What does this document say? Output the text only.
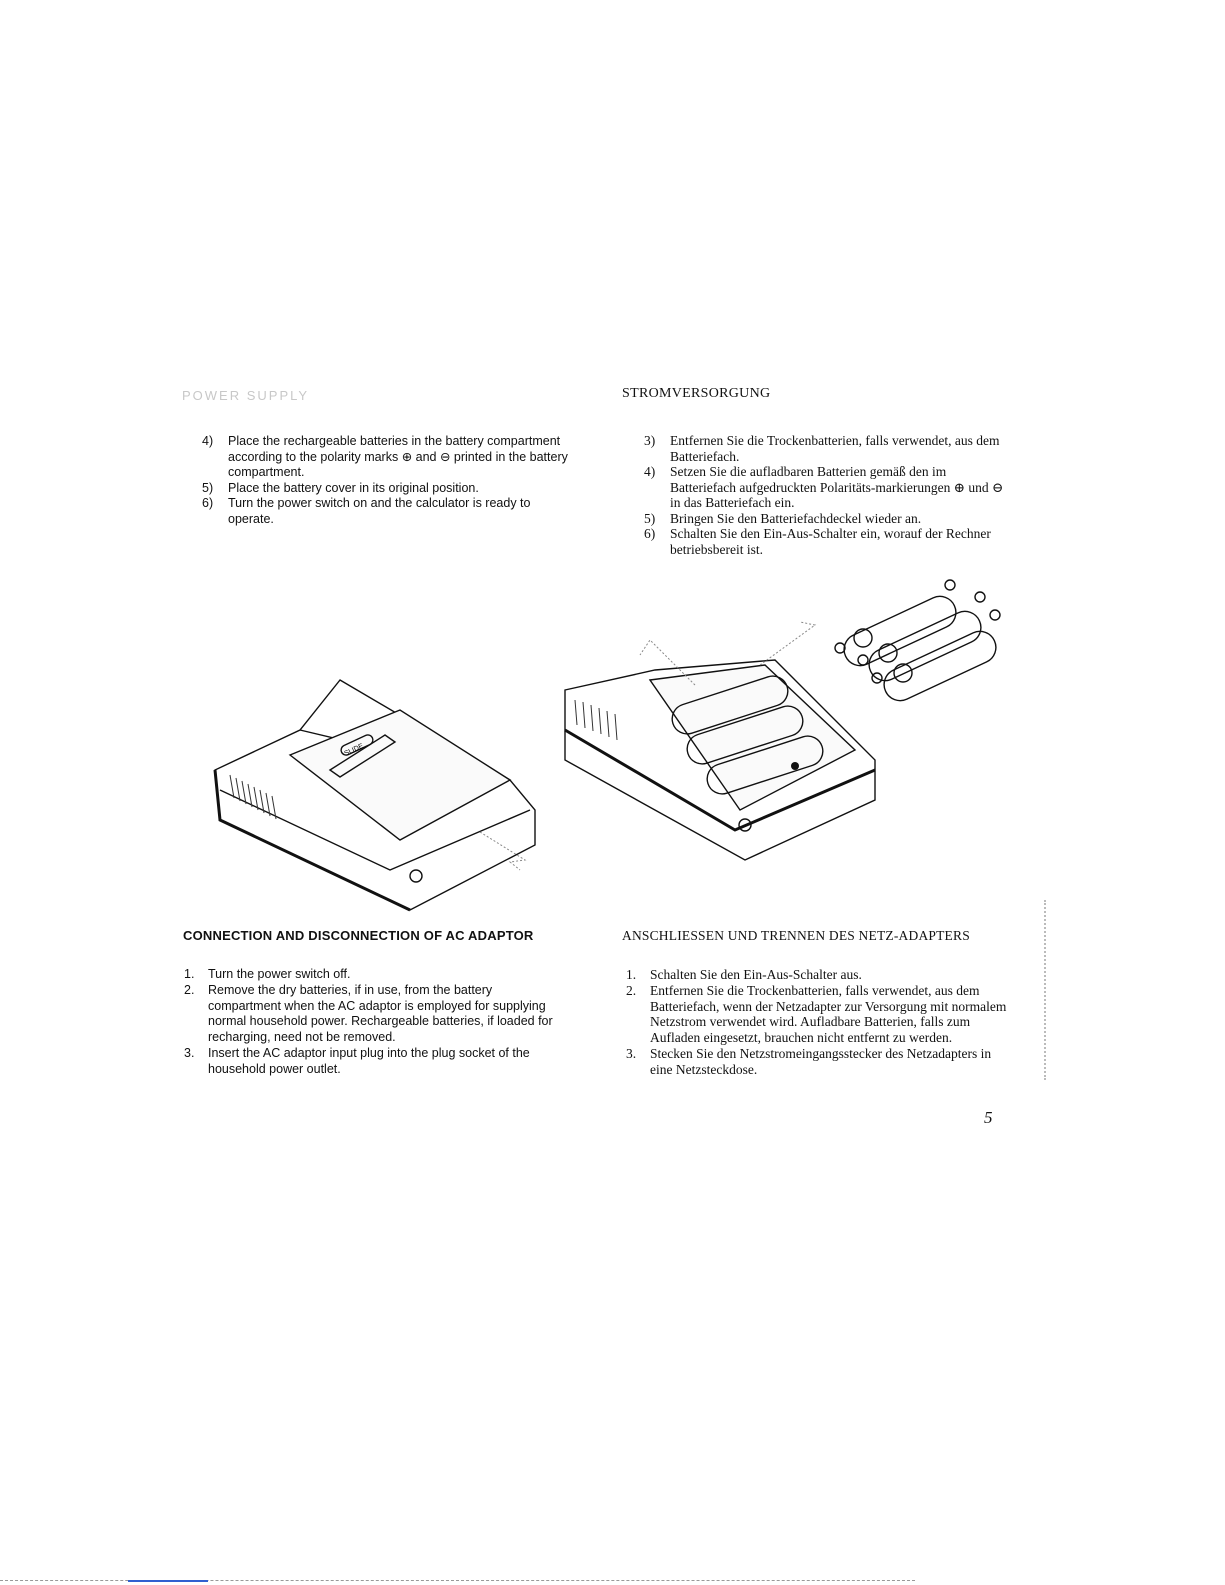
POWER SUPPLY	STROMVERSORGUNG
4) Place the rechargeable batteries in the battery compartment according to the polarity marks ⊕ and ⊖ printed in the battery compartment.
5) Place the battery cover in its original position.
6) Turn the power switch on and the calculator is ready to operate.
3) Entfernen Sie die Trockenbatterien, falls verwendet, aus dem Batteriefach.
4) Setzen Sie die aufladbaren Batterien gemäß den im Batteriefach aufgedruckten Polaritäts-markierungen ⊕ und ⊖ in das Batteriefach ein.
5) Bringen Sie den Batteriefachdeckel wieder an.
6) Schalten Sie den Ein-Aus-Schalter ein, worauf der Rechner betriebsbereit ist.
SLIDE
CONNECTION AND DISCONNECTION OF AC ADAPTOR	ANSCHLIESSEN UND TRENNEN DES NETZ-ADAPTERS
1. Turn the power switch off.
2. Remove the dry batteries, if in use, from the battery compartment when the AC adaptor is employed for supplying normal household power. Rechargeable batteries, if loaded for recharging, need not be removed.
3. Insert the AC adaptor input plug into the plug socket of the household power outlet.
1. Schalten Sie den Ein-Aus-Schalter aus.
2. Entfernen Sie die Trockenbatterien, falls verwendet, aus dem Batteriefach, wenn der Netzadapter zur Versorgung mit normalem Netzstrom verwendet wird. Aufladbare Batterien, falls zum Aufladen eingesetzt, brauchen nicht entfernt zu werden.
3. Stecken Sie den Netzstromeingangsstecker des Netzadapters in eine Netzsteckdose.
5
